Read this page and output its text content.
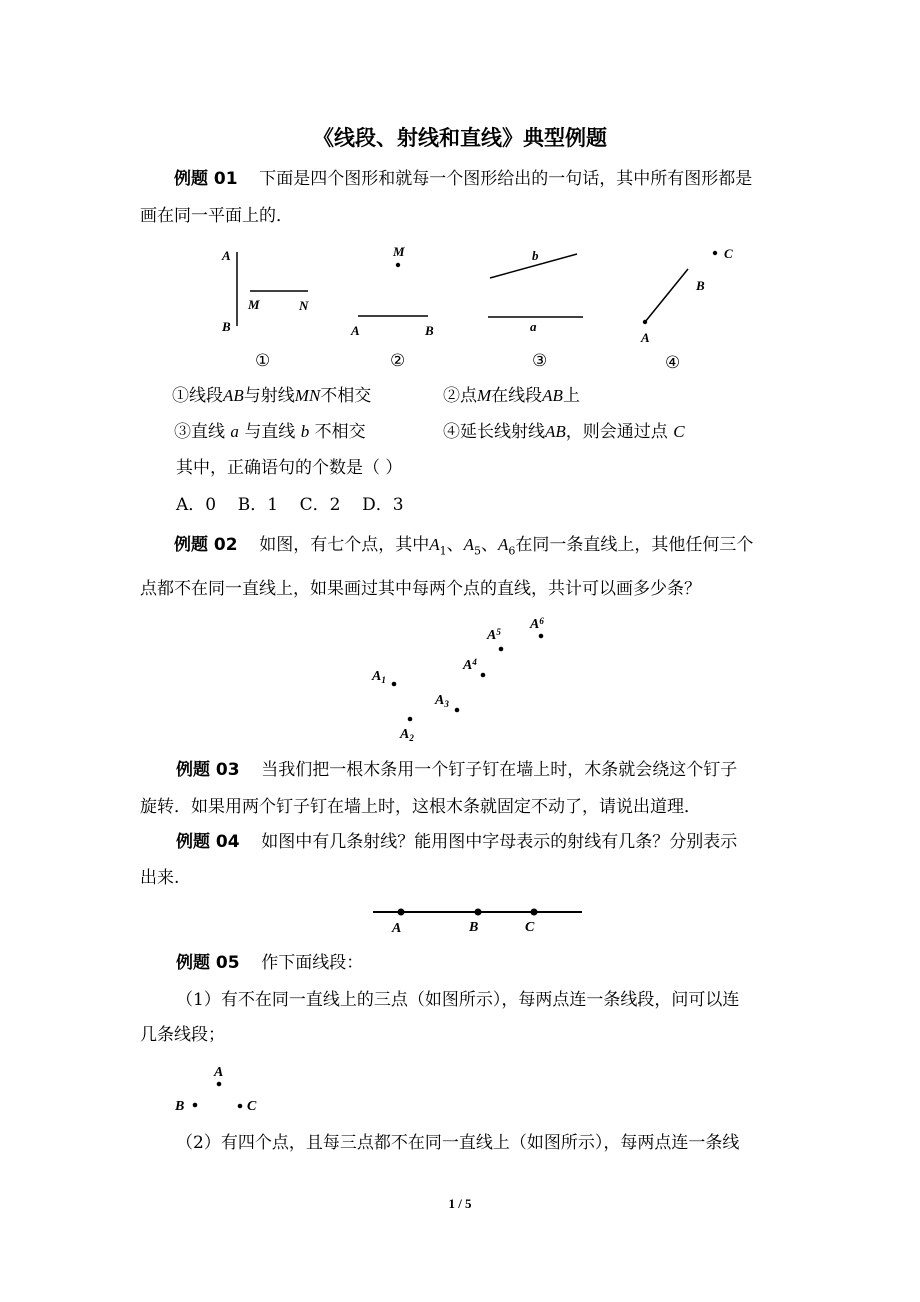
《线段、射线和直线》典型例题
例题 01 下面是四个图形和就每一个图形给出的一句话，其中所有图形都是
画在同一平面上的．
A
B
M	N
①
M
A	B
②
b
a
③
A
B
C
④
①线段AB与射线MN不相交	②点M在线段AB上
③直线 a 与直线 b 不相交	④延长线射线AB，则会通过点 C
其中，正确语句的个数是（ ）
A．0    B．1    C．2    D．3
例题 02 如图，有七个点，其中$A_1$、$A_5$、$A_6$在同一条直线上，其他任何三个
点都不在同一直线上，如果画过其中每两个点的直线，共计可以画多少条？
$A_1$
$A_2$
$A_3$
$A^4$
$A^5$ $A^6$
例题 03 当我们把一根木条用一个钉子钉在墙上时，木条就会绕这个钉子
旋转．如果用两个钉子钉在墙上时，这根木条就固定不动了，请说出道理．
例题 04 如图中有几条射线？能用图中字母表示的射线有几条？分别表示
出来.
A	B	C
例题 05 作下面线段：
（1）有不在同一直线上的三点（如图所示），每两点连一条线段，问可以连
几条线段；
A
B	C
（2）有四个点，且每三点都不在同一直线上（如图所示），每两点连一条线
1 / 5
